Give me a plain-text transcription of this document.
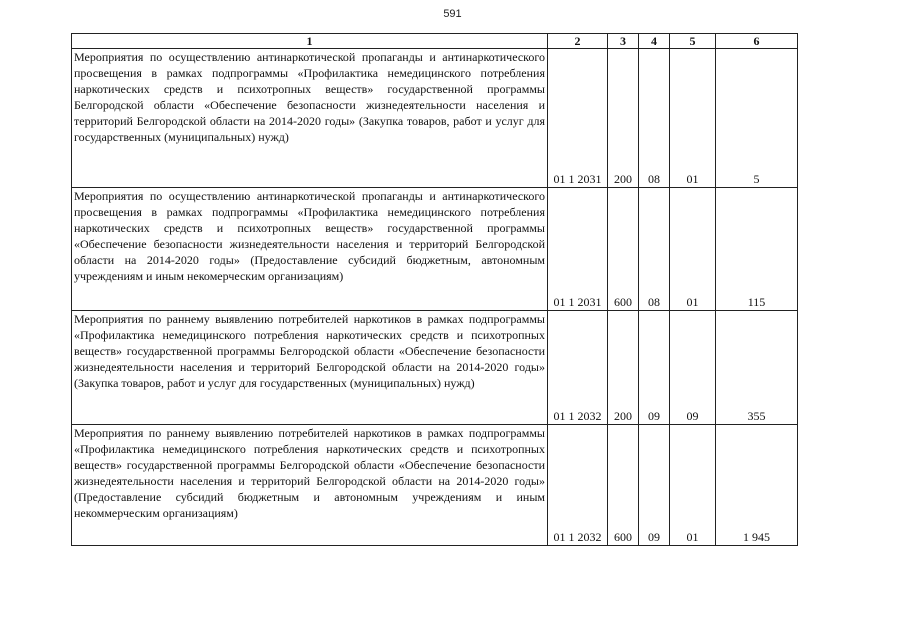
591
1	2	3	4	5	6
Мероприятия по осуществлению антинаркотической пропаганды и антинаркотического просвещения в рамках подпрограммы «Профилактика немедицинского потребления наркотических средств и психотропных веществ» государственной программы Белгородской области «Обеспечение безопасности жизнедеятельности населения и территорий Белгородской области на 2014-2020 годы» (Закупка товаров, работ и услуг для государственных (муниципальных) нужд)	01 1 2031	200	08	01	5
Мероприятия по осуществлению антинаркотической пропаганды и антинаркотического просвещения в рамках подпрограммы «Профилактика немедицинского потребления наркотических средств и психотропных веществ» государственной программы «Обеспечение безопасности жизнедеятельности населения и территорий Белгородской области на 2014-2020 годы» (Предоставление субсидий бюджетным, автономным учреждениям и иным некомерческим организациям)	01 1 2031	600	08	01	115
Мероприятия по раннему выявлению потребителей наркотиков в рамках подпрограммы «Профилактика немедицинского потребления наркотических средств и психотропных веществ» государственной программы Белгородской области «Обеспечение безопасности жизнедеятельности населения и территорий Белгородской области на 2014-2020 годы» (Закупка товаров, работ и услуг для государственных (муниципальных) нужд)	01 1 2032	200	09	09	355
Мероприятия по раннему выявлению потребителей наркотиков в рамках подпрограммы «Профилактика немедицинского потребления наркотических средств и психотропных веществ» государственной программы Белгородской области «Обеспечение безопасности жизнедеятельности населения и территорий Белгородской области на 2014-2020 годы» (Предоставление субсидий бюджетным и автономным учреждениям и иным некоммерческим организациям)	01 1 2032	600	09	01	1 945
